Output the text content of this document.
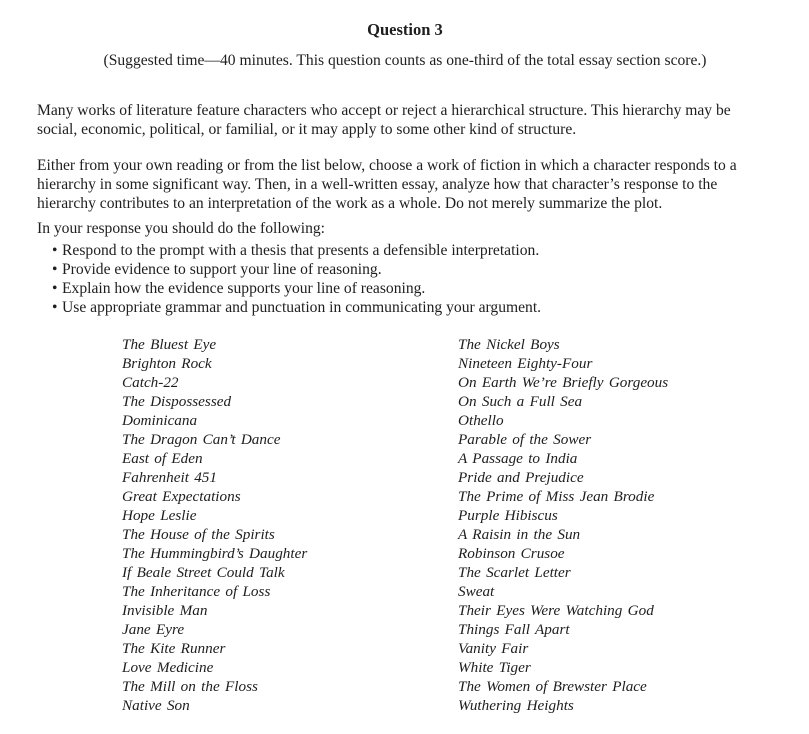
Question 3

(Suggested time—40 minutes. This question counts as one-third of the total essay section score.)

Many works of literature feature characters who accept or reject a hierarchical structure. This hierarchy may be social, economic, political, or familial, or it may apply to some other kind of structure.

Either from your own reading or from the list below, choose a work of fiction in which a character responds to a hierarchy in some significant way. Then, in a well-written essay, analyze how that character’s response to the hierarchy contributes to an interpretation of the work as a whole. Do not merely summarize the plot.

In your response you should do the following:

• Respond to the prompt with a thesis that presents a defensible interpretation.
• Provide evidence to support your line of reasoning.
• Explain how the evidence supports your line of reasoning.
• Use appropriate grammar and punctuation in communicating your argument.
The Bluest Eye
Brighton Rock
Catch-22
The Dispossessed
Dominicana
The Dragon Can’t Dance
East of Eden
Fahrenheit 451
Great Expectations
Hope Leslie
The House of the Spirits
The Hummingbird’s Daughter
If Beale Street Could Talk
The Inheritance of Loss
Invisible Man
Jane Eyre
The Kite Runner
Love Medicine
The Mill on the Floss
Native Son
The Nickel Boys
Nineteen Eighty-Four
On Earth We’re Briefly Gorgeous
On Such a Full Sea
Othello
Parable of the Sower
A Passage to India
Pride and Prejudice
The Prime of Miss Jean Brodie
Purple Hibiscus
A Raisin in the Sun
Robinson Crusoe
The Scarlet Letter
Sweat
Their Eyes Were Watching God
Things Fall Apart
Vanity Fair
White Tiger
The Women of Brewster Place
Wuthering Heights
